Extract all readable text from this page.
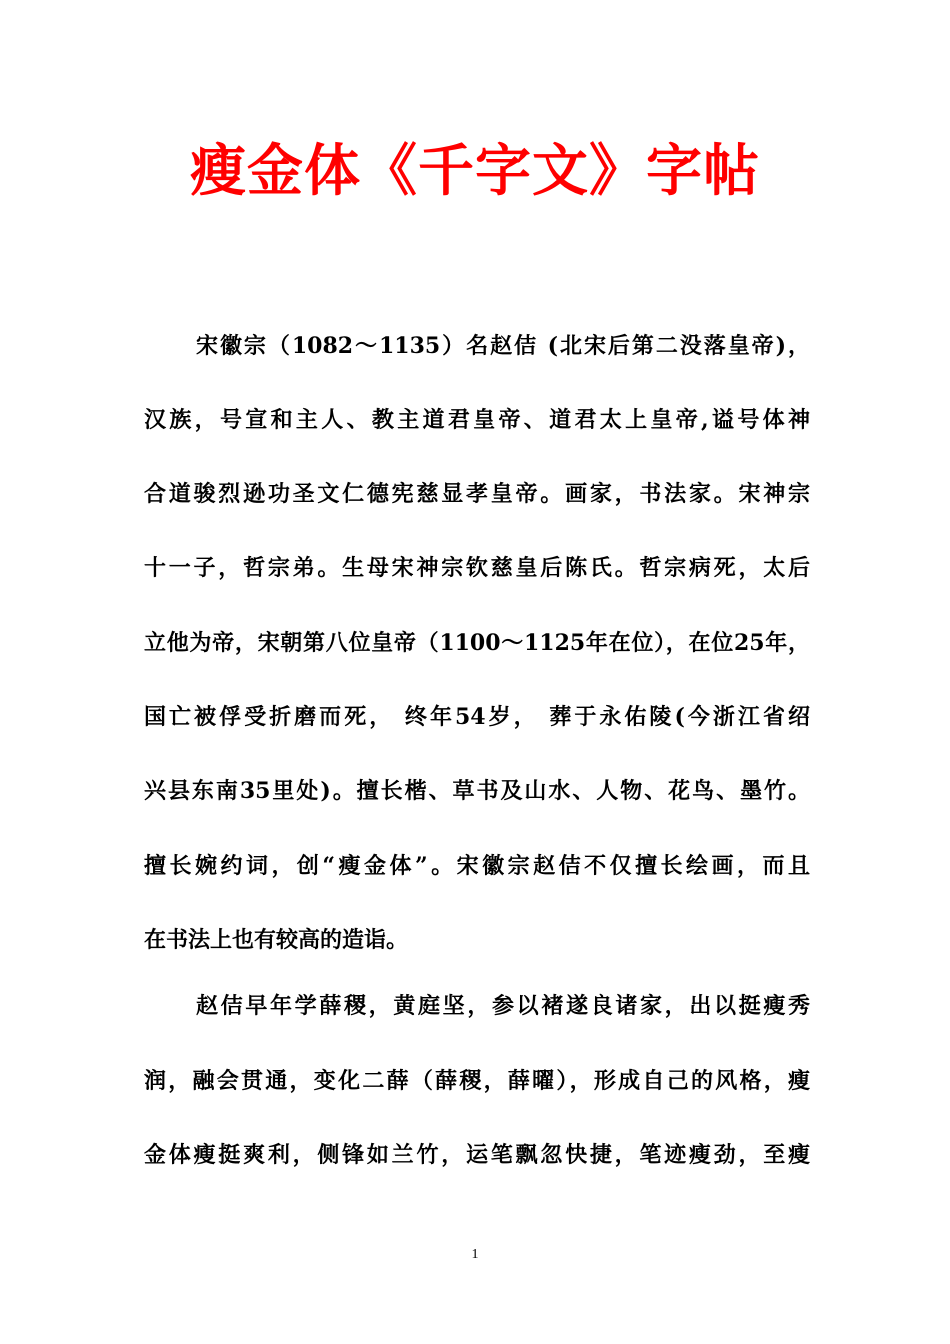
瘦金体《千字文》字帖
宋徽宗（1082～1135）名赵佶 (北宋后第二没落皇帝)，
汉族，号宣和主人、教主道君皇帝、道君太上皇帝,谥号体神
合道骏烈逊功圣文仁德宪慈显孝皇帝。画家，书法家。宋神宗
十一子，哲宗弟。生母宋神宗钦慈皇后陈氏。哲宗病死，太后
立他为帝，宋朝第八位皇帝（1100～1125年在位），在位25年，
国亡被俘受折磨而死， 终年54岁， 葬于永佑陵(今浙江省绍
兴县东南35里处)。擅长楷、草书及山水、人物、花鸟、墨竹。
擅长婉约词，创“瘦金体”。宋徽宗赵佶不仅擅长绘画，而且
在书法上也有较高的造诣。
赵佶早年学薛稷，黄庭坚，参以褚遂良诸家，出以挺瘦秀
润，融会贯通，变化二薛（薛稷，薛曜），形成自己的风格，瘦
金体瘦挺爽利，侧锋如兰竹，运笔飘忽快捷，笔迹瘦劲，至瘦
1
